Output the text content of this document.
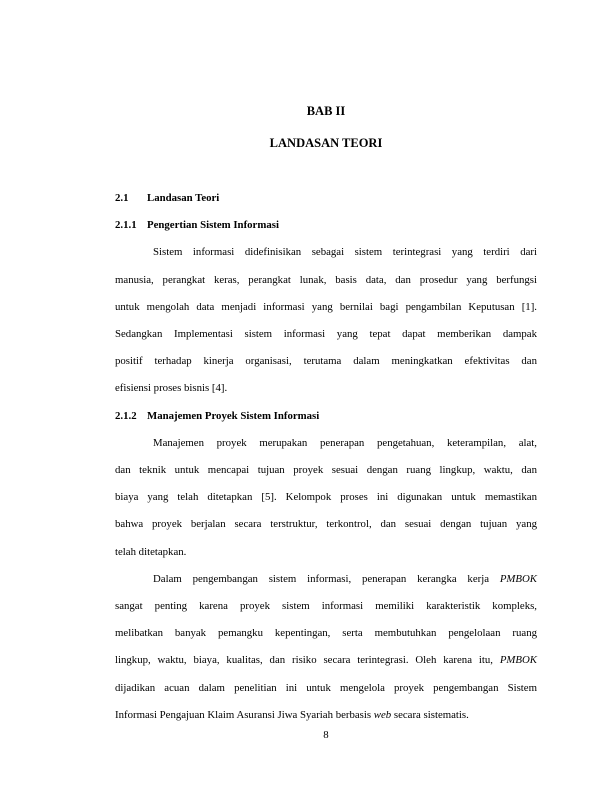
BAB II
LANDASAN TEORI
2.1 Landasan Teori
2.1.1 Pengertian Sistem Informasi
Sistem informasi didefinisikan sebagai sistem terintegrasi yang terdiri dari
manusia, perangkat keras, perangkat lunak, basis data, dan prosedur yang berfungsi
untuk mengolah data menjadi informasi yang bernilai bagi pengambilan Keputusan [1].
Sedangkan Implementasi sistem informasi yang tepat dapat memberikan dampak
positif terhadap kinerja organisasi, terutama dalam meningkatkan efektivitas dan
efisiensi proses bisnis [4].
2.1.2 Manajemen Proyek Sistem Informasi
Manajemen proyek merupakan penerapan pengetahuan, keterampilan, alat,
dan teknik untuk mencapai tujuan proyek sesuai dengan ruang lingkup, waktu, dan
biaya yang telah ditetapkan [5]. Kelompok proses ini digunakan untuk memastikan
bahwa proyek berjalan secara terstruktur, terkontrol, dan sesuai dengan tujuan yang
telah ditetapkan.
Dalam pengembangan sistem informasi, penerapan kerangka kerja PMBOK
sangat penting karena proyek sistem informasi memiliki karakteristik kompleks,
melibatkan banyak pemangku kepentingan, serta membutuhkan pengelolaan ruang
lingkup, waktu, biaya, kualitas, dan risiko secara terintegrasi. Oleh karena itu, PMBOK
dijadikan acuan dalam penelitian ini untuk mengelola proyek pengembangan Sistem
Informasi Pengajuan Klaim Asuransi Jiwa Syariah berbasis web secara sistematis.
8
